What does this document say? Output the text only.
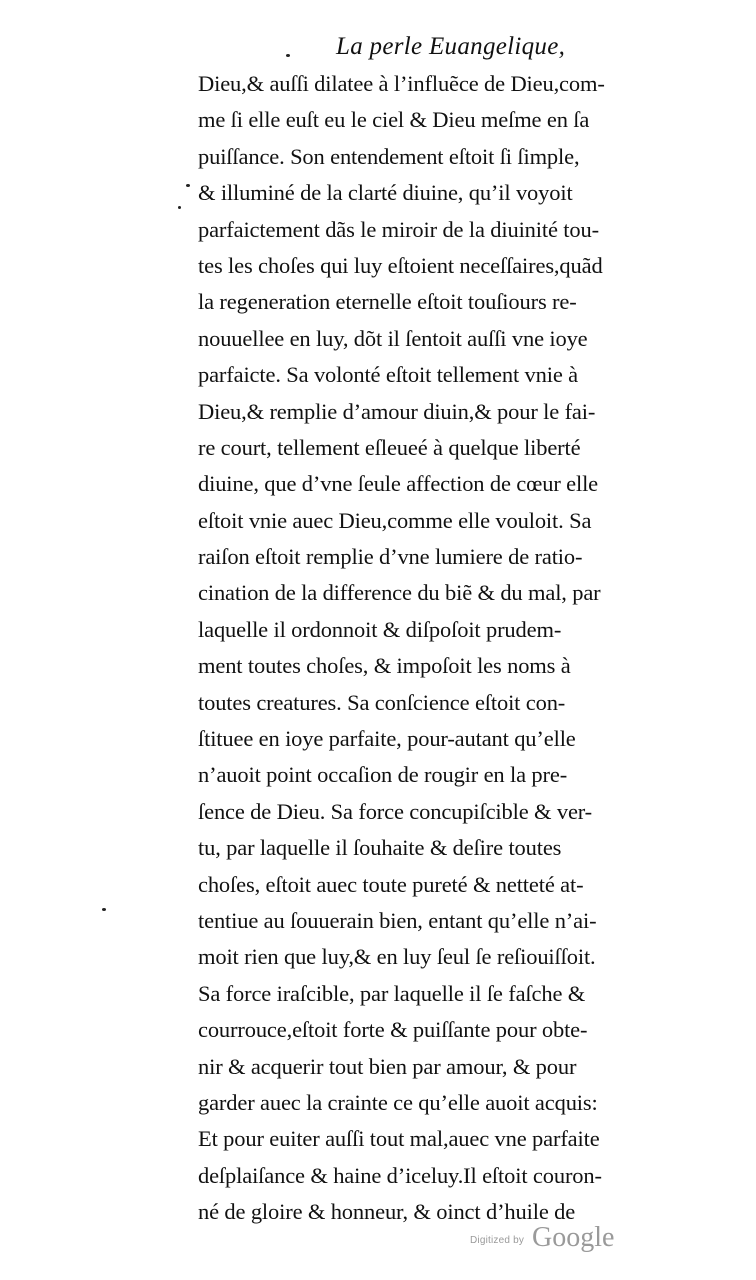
La perle Euangelique,
Dieu,& auſſi dilatee à l’influẽce de Dieu,com-
me ſi elle euſt eu le ciel & Dieu meſme en ſa
puiſſance. Son entendement eſtoit ſi ſimple,
& illuminé de la clarté diuine, qu’il voyoit
parfaictement dãs le miroir de la diuinité tou-
tes les choſes qui luy eſtoient neceſſaires,quãd
la regeneration eternelle eſtoit touſiours re-
nouuellee en luy, dõt il ſentoit auſſi vne ioye
parfaicte. Sa volonté eſtoit tellement vnie à
Dieu,& remplie d’amour diuin,& pour le fai-
re court, tellement eſleueé à quelque liberté
diuine, que d’vne ſeule affection de cœur elle
eſtoit vnie auec Dieu,comme elle vouloit. Sa
raiſon eſtoit remplie d’vne lumiere de ratio-
cination de la difference du biẽ & du mal, par
laquelle il ordonnoit & diſpoſoit prudem-
ment toutes choſes, & impoſoit les noms à
toutes creatures. Sa conſcience eſtoit con-
ſtituee en ioye parfaite, pour-autant qu’elle
n’auoit point occaſion de rougir en la pre-
ſence de Dieu. Sa force concupiſcible & ver-
tu, par laquelle il ſouhaite & deſire toutes
choſes, eſtoit auec toute pureté & netteté at-
tentiue au ſouuerain bien, entant qu’elle n’ai-
moit rien que luy,& en luy ſeul ſe reſiouiſſoit.
Sa force iraſcible, par laquelle il ſe faſche &
courrouce,eſtoit forte & puiſſante pour obte-
nir & acquerir tout bien par amour, & pour
garder auec la crainte ce qu’elle auoit acquis:
Et pour euiter auſſi tout mal,auec vne parfaite
deſplaiſance & haine d’iceluy.Il eſtoit couron-
né de gloire & honneur, & oinct d’huile de
Digitized by Google
